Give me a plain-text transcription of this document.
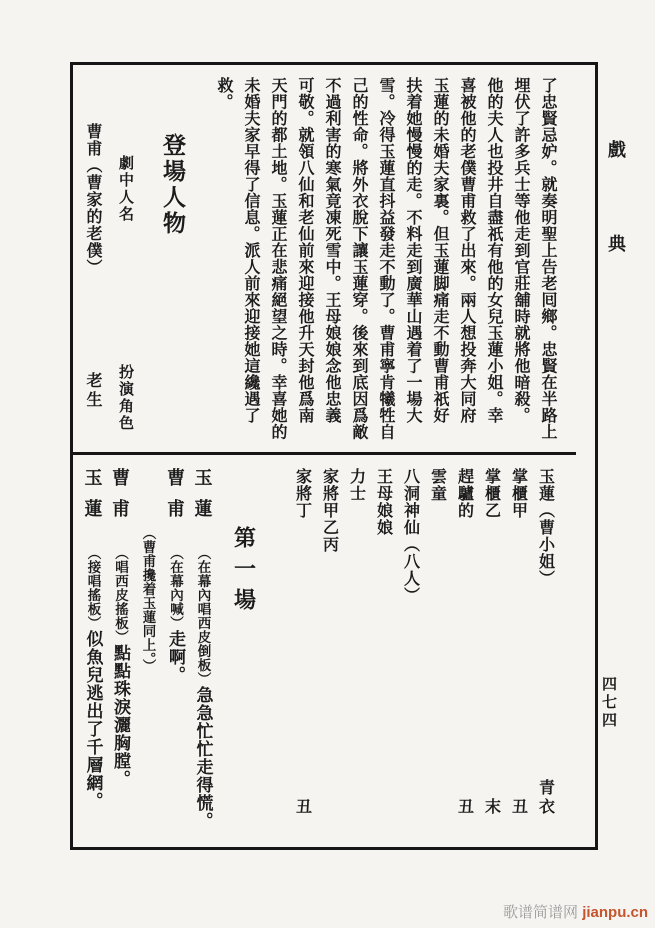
戲典
四七四
了忠賢忌妒。就奏明聖上告老囘鄉。忠賢在半路上
埋伏了許多兵士等他走到官莊舖時就將他暗殺。
他的夫人也投井自盡祇有他的女兒玉蓮小姐。幸
喜被他的老僕曹甫救了出來。兩人想投奔大同府
玉蓮的未婚夫家裏。但玉蓮脚痛走不動曹甫祇好
扶着她慢慢的走。不料走到廣華山遇着了一場大
雪。冷得玉蓮直抖益發走不動了。曹甫寧肯犧牲自
己的性命。將外衣脫下讓玉蓮穿。後來到底因爲敵
不過利害的寒氣竟凍死雪中。王母娘娘念他忠義
可敬。就領八仙和老仙前來迎接他升天封他爲南
天門的都土地。玉蓮正在悲痛絕望之時。幸喜她的
未婚夫家早得了信息。派人前來迎接她這纔遇了
救。
登場人物
劇中人名
扮演角色
曹甫（曹家的老僕）
老生
玉蓮（曹小姐）
青衣
掌櫃甲
丑
掌櫃乙
末
趕驢的
丑
雲童
八洞神仙（八人）
王母娘娘
力士
家將甲乙丙
家將丁
丑
第一場
玉蓮（在幕內唱西皮倒板）急急忙忙走得慌。
曹甫（在幕內喊）走啊。
（曹甫攙着玉蓮同上。）
曹甫（唱西皮搖板）點點珠淚灑胸膛。
玉蓮（接唱搖板）似魚兒逃出了千層網。
歌谱简谱网 jianpu.cn
